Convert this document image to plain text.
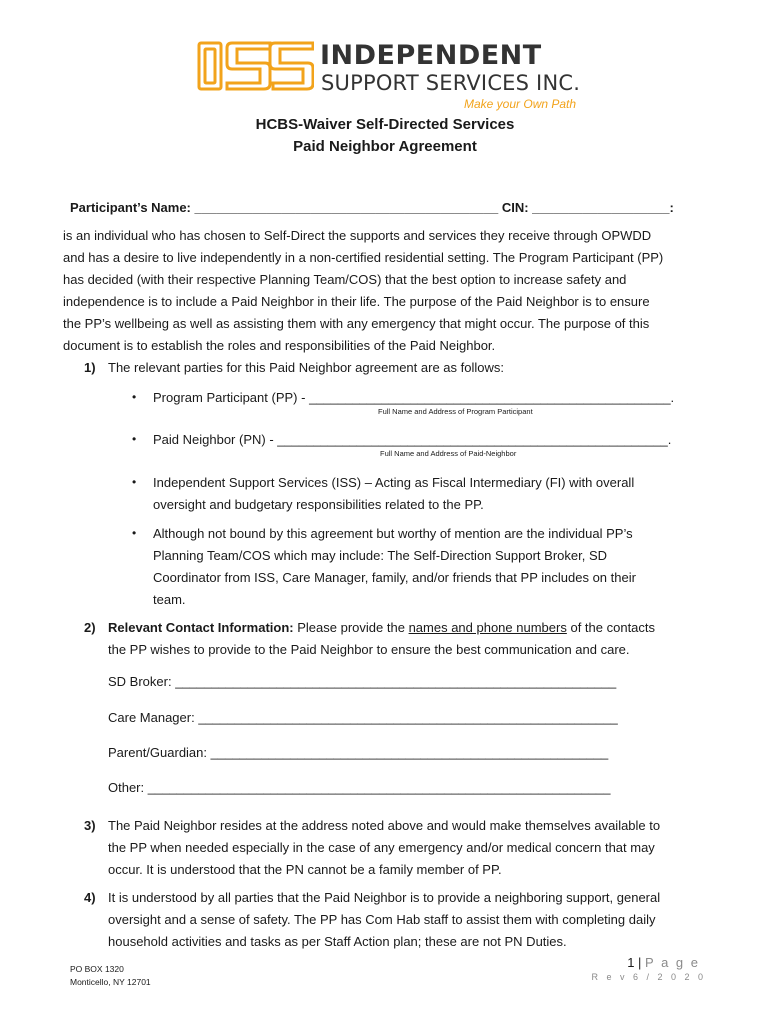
INDEPENDENT
SUPPORT SERVICES INC.
Make your Own Path
HCBS-Waiver Self-Directed Services
Paid Neighbor Agreement
Participant’s Name: __________________________________________ CIN: ___________________:
is an individual who has chosen to Self-Direct the supports and services they receive through OPWDD
and has a desire to live independently in a non-certified residential setting. The Program Participant (PP)
has decided (with their respective Planning Team/COS) that the best option to increase safety and
independence is to include a Paid Neighbor in their life. The purpose of the Paid Neighbor is to ensure
the PP’s wellbeing as well as assisting them with any emergency that might occur. The purpose of this
document is to establish the roles and responsibilities of the Paid Neighbor.
1) The relevant parties for this Paid Neighbor agreement are as follows:
• Program Participant (PP) - __________________________________________________.
Full Name and Address of Program Participant
• Paid Neighbor (PN) - ______________________________________________________.
Full Name and Address of Paid-Neighbor
• Independent Support Services (ISS) – Acting as Fiscal Intermediary (FI) with overall
oversight and budgetary responsibilities related to the PP.
• Although not bound by this agreement but worthy of mention are the individual PP’s
Planning Team/COS which may include: The Self-Direction Support Broker, SD
Coordinator from ISS, Care Manager, family, and/or friends that PP includes on their
team.
2) Relevant Contact Information: Please provide the names and phone numbers of the contacts
the PP wishes to provide to the Paid Neighbor to ensure the best communication and care.
SD Broker: _____________________________________________________________
Care Manager: __________________________________________________________
Parent/Guardian: _______________________________________________________
Other: ________________________________________________________________
3) The Paid Neighbor resides at the address noted above and would make themselves available to
the PP when needed especially in the case of any emergency and/or medical concern that may
occur. It is understood that the PN cannot be a family member of PP.
4) It is understood by all parties that the Paid Neighbor is to provide a neighboring support, general
oversight and a sense of safety. The PP has Com Hab staff to assist them with completing daily
household activities and tasks as per Staff Action plan; these are not PN Duties.
PO BOX 1320
Monticello, NY 12701
1 | P a g e
R e v 6 / 2 0 2 0
